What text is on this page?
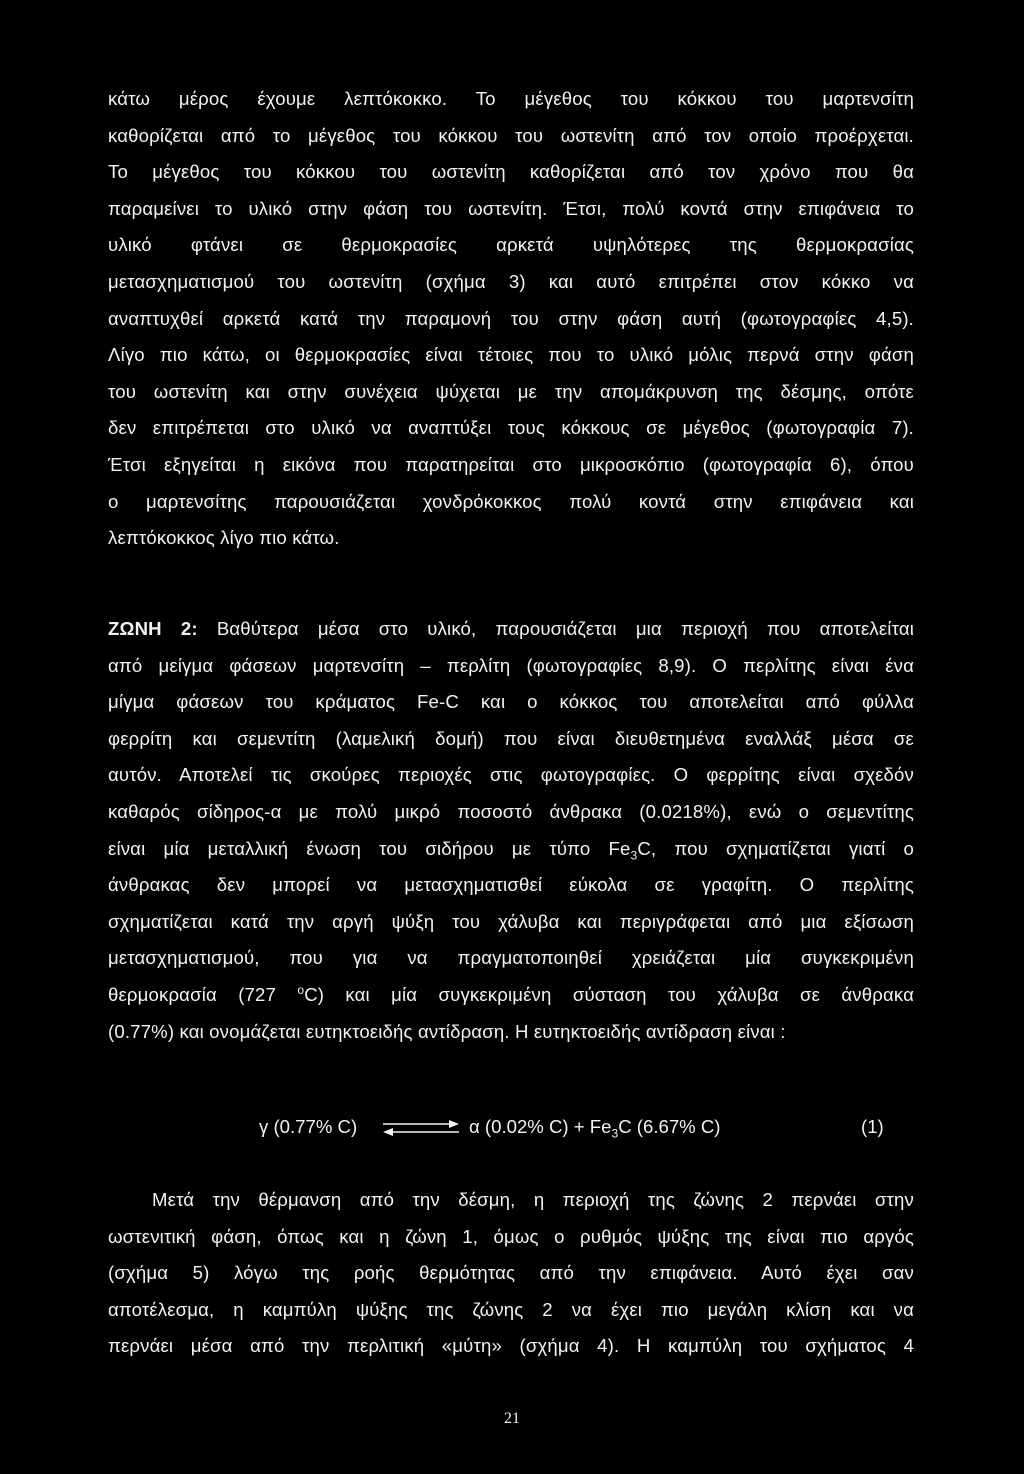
κάτω μέρος έχουμε λεπτόκοκκο. Το μέγεθος του κόκκου του μαρτενσίτη
καθορίζεται από το μέγεθος του κόκκου του ωστενίτη από τον οποίο προέρχεται.
Το μέγεθος του κόκκου του ωστενίτη καθορίζεται από τον χρόνο που θα
παραμείνει το υλικό στην φάση του ωστενίτη. Έτσι, πολύ κοντά στην επιφάνεια το
υλικό φτάνει σε θερμοκρασίες αρκετά υψηλότερες της θερμοκρασίας
μετασχηματισμού του ωστενίτη (σχήμα 3) και αυτό επιτρέπει στον κόκκο να
αναπτυχθεί αρκετά κατά την παραμονή του στην φάση αυτή (φωτογραφίες 4,5).
Λίγο πιο κάτω, οι θερμοκρασίες είναι τέτοιες που το υλικό μόλις περνά στην φάση
του ωστενίτη και στην συνέχεια ψύχεται με την απομάκρυνση της δέσμης, οπότε
δεν επιτρέπεται στο υλικό να αναπτύξει τους κόκκους σε μέγεθος (φωτογραφία 7).
Έτσι εξηγείται η εικόνα που παρατηρείται στο μικροσκόπιο (φωτογραφία 6), όπου
ο μαρτενσίτης παρουσιάζεται χονδρόκοκκος πολύ κοντά στην επιφάνεια και
λεπτόκοκκος λίγο πιο κάτω.
ΖΩΝΗ 2: Βαθύτερα μέσα στο υλικό, παρουσιάζεται μια περιοχή που αποτελείται
από μείγμα φάσεων μαρτενσίτη – περλίτη (φωτογραφίες 8,9). Ο περλίτης είναι ένα
μίγμα φάσεων του κράματος Fe-C και ο κόκκος του αποτελείται από φύλλα
φερρίτη και σεμεντίτη (λαμελική δομή) που είναι διευθετημένα εναλλάξ μέσα σε
αυτόν. Αποτελεί τις σκούρες περιοχές στις φωτογραφίες. Ο φερρίτης είναι σχεδόν
καθαρός σίδηρος-α με πολύ μικρό ποσοστό άνθρακα (0.0218%), ενώ ο σεμεντίτης
είναι μία μεταλλική ένωση του σιδήρου με τύπο $Fe_3C$, που σχηματίζεται γιατί ο
άνθρακας δεν μπορεί να μετασχηματισθεί εύκολα σε γραφίτη. Ο περλίτης
σχηματίζεται κατά την αργή ψύξη του χάλυβα και περιγράφεται από μια εξίσωση
μετασχηματισμού, που για να πραγματοποιηθεί χρειάζεται μία συγκεκριμένη
θερμοκρασία (727 $^o$C) και μία συγκεκριμένη σύσταση του χάλυβα σε άνθρακα
(0.77%) και ονομάζεται ευτηκτοειδής αντίδραση. Η ευτηκτοειδής αντίδραση είναι :
γ (0.77% C)	α (0.02% $C) + Fe_3C$ (6.67% C)	(1)
Μετά την θέρμανση από την δέσμη, η περιοχή της ζώνης 2 περνάει στην
ωστενιτική φάση, όπως και η ζώνη 1, όμως ο ρυθμός ψύξης της είναι πιο αργός
(σχήμα 5) λόγω της ροής θερμότητας από την επιφάνεια. Αυτό έχει σαν
αποτέλεσμα, η καμπύλη ψύξης της ζώνης 2 να έχει πιο μεγάλη κλίση και να
περνάει μέσα από την περλιτική «μύτη» (σχήμα 4). Η καμπύλη του σχήματος 4
21
